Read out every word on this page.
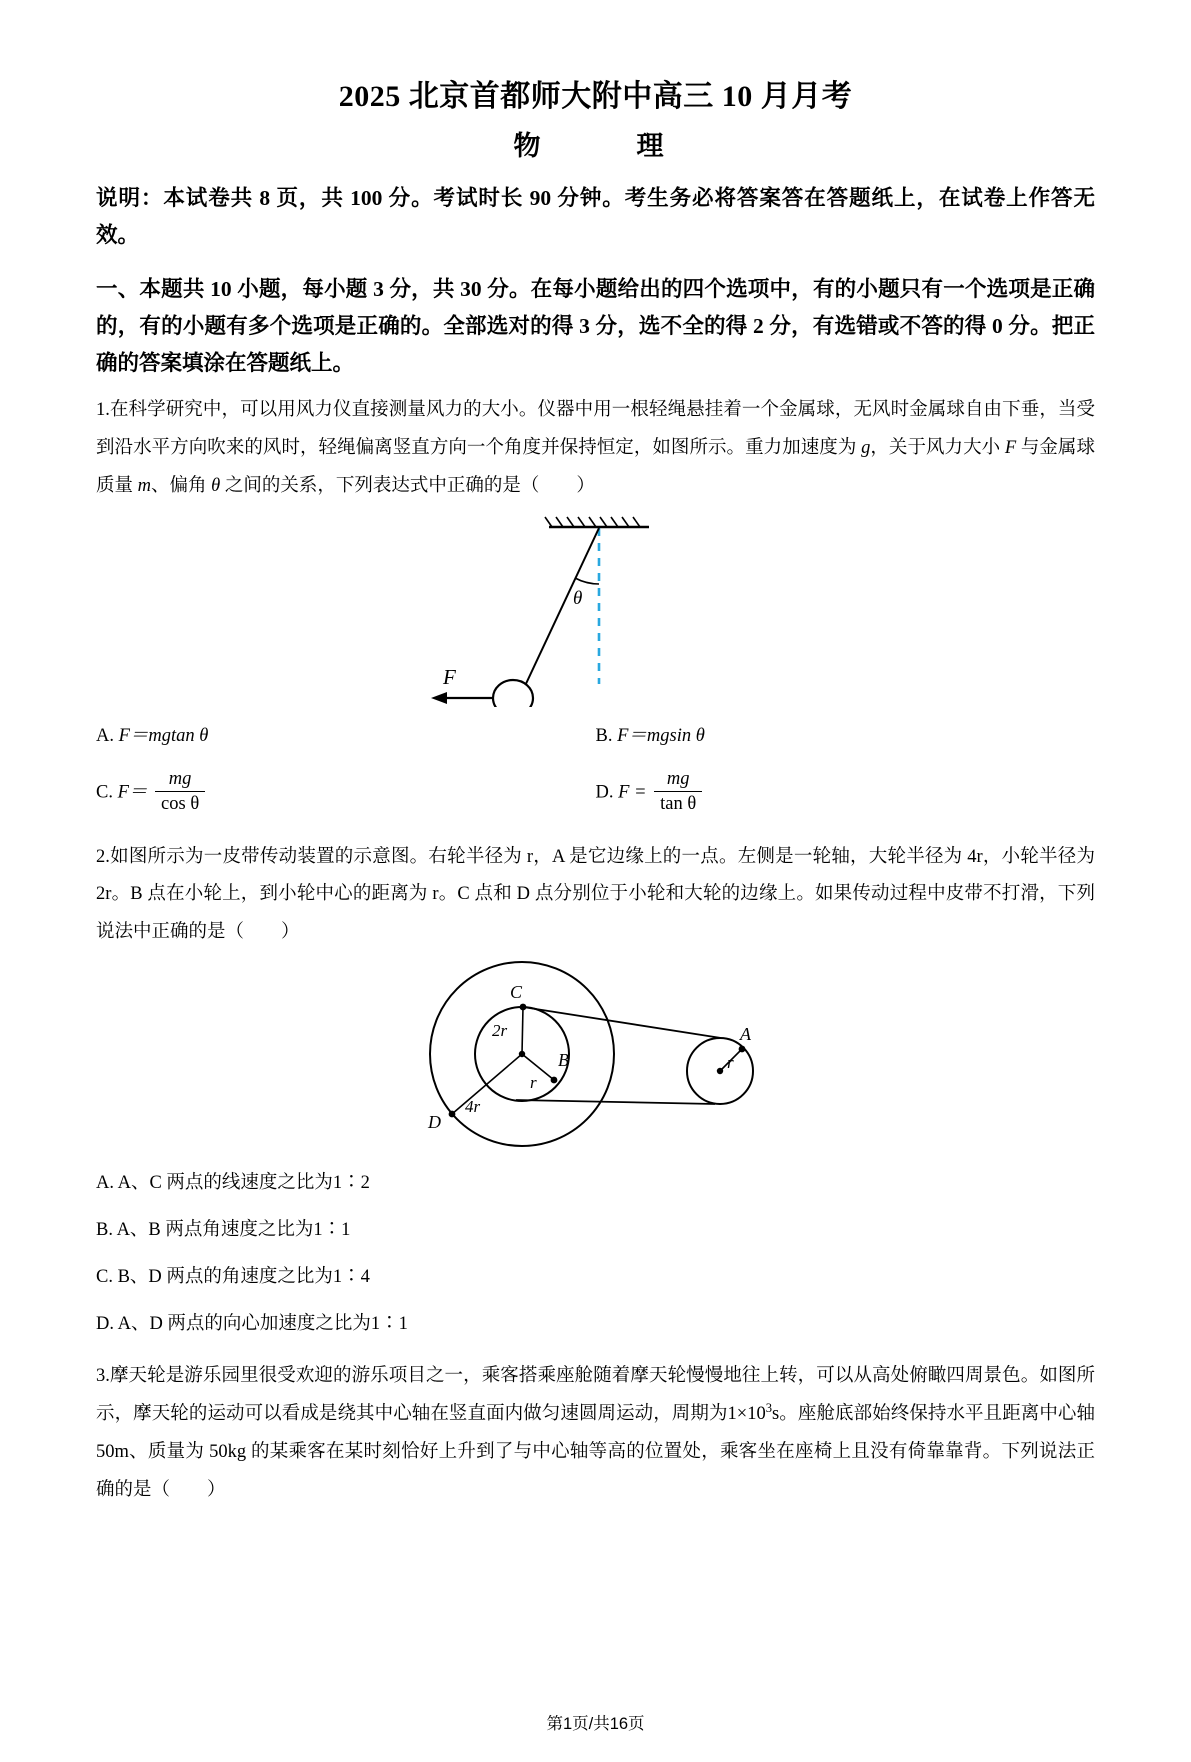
2025 北京首都师大附中高三 10 月月考
物　　理
说明：本试卷共 8 页，共 100 分。考试时长 90 分钟。考生务必将答案答在答题纸上，在试卷上作答无效。
一、本题共 10 小题，每小题 3 分，共 30 分。在每小题给出的四个选项中，有的小题只有一个选项是正确的，有的小题有多个选项是正确的。全部选对的得 3 分，选不全的得 2 分，有选错或不答的得 0 分。把正确的答案填涂在答题纸上。
1.在科学研究中，可以用风力仪直接测量风力的大小。仪器中用一根轻绳悬挂着一个金属球，无风时金属球自由下垂，当受到沿水平方向吹来的风时，轻绳偏离竖直方向一个角度并保持恒定，如图所示。重力加速度为 g，关于风力大小 F 与金属球质量 m、偏角 θ 之间的关系，下列表达式中正确的是（　　）
θ
F
A. F＝mgtan θ	B. F＝mgsin θ
C. $F= \frac{mg}{\text{cos θ}}$	D. $F = \frac{mg}{\text{tan θ}}$
2.如图所示为一皮带传动装置的示意图。右轮半径为 r，A 是它边缘上的一点。左侧是一轮轴，大轮半径为 4r，小轮半径为 2r。B 点在小轮上，到小轮中心的距离为 r。C 点和 D 点分别位于小轮和大轮的边缘上。如果传动过程中皮带不打滑，下列说法中正确的是（　　）
C
2r
r
B
D
4r
A
r
A. A、C 两点的线速度之比为1∶2
B. A、B 两点角速度之比为1∶1
C. B、D 两点的角速度之比为1∶4
D. A、D 两点的向心加速度之比为1∶1
3.摩天轮是游乐园里很受欢迎的游乐项目之一，乘客搭乘座舱随着摩天轮慢慢地往上转，可以从高处俯瞰四周景色。如图所示，摩天轮的运动可以看成是绕其中心轴在竖直面内做匀速圆周运动，周期为$1\times 10^3s$。座舱底部始终保持水平且距离中心轴 50m、质量为 50kg 的某乘客在某时刻恰好上升到了与中心轴等高的位置处，乘客坐在座椅上且没有倚靠靠背。下列说法正确的是（　　）
第1页/共16页
